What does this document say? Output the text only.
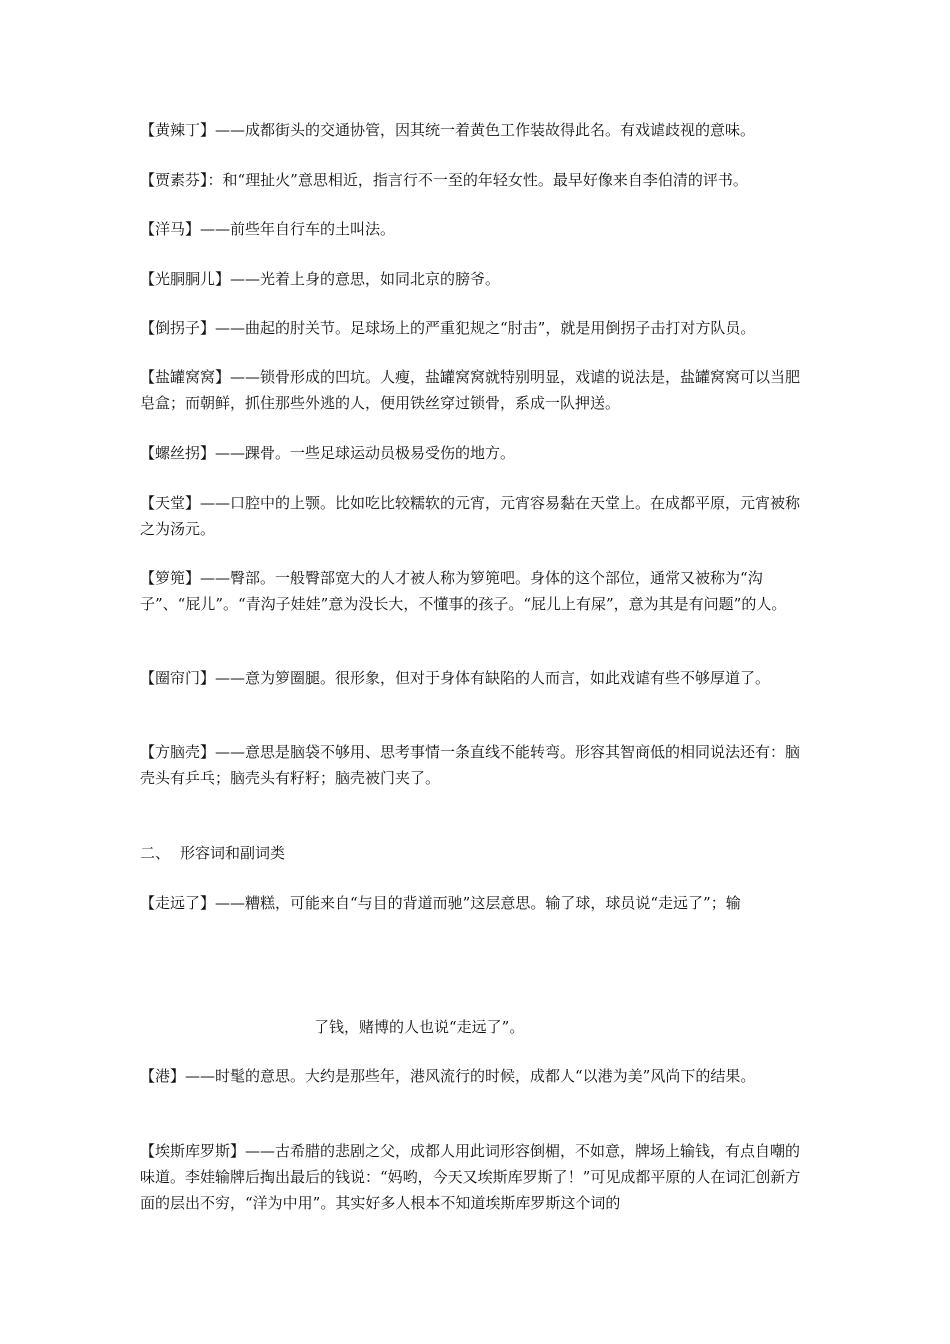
【黄辣丁】——成都街头的交通协管，因其统一着黄色工作装故得此名。有戏谑歧视的意味。

【贾素芬】：和“理扯火”意思相近，指言行不一至的年轻女性。最早好像来自李伯清的评书。

【洋马】——前些年自行车的土叫法。

【光胴胴儿】——光着上身的意思，如同北京的膀爷。

【倒拐子】——曲起的肘关节。足球场上的严重犯规之“肘击”，就是用倒拐子击打对方队员。

【盐罐窝窝】——锁骨形成的凹坑。人瘦，盐罐窝窝就特别明显，戏谑的说法是，盐罐窝窝可以当肥皂盒；而朝鲜，抓住那些外逃的人，便用铁丝穿过锁骨，系成一队押送。

【螺丝拐】——踝骨。一些足球运动员极易受伤的地方。

【天堂】——口腔中的上颚。比如吃比较糯软的元宵，元宵容易黏在天堂上。在成都平原，元宵被称之为汤元。

【箩篼】——臀部。一般臀部宽大的人才被人称为箩篼吧。身体的这个部位，通常又被称为“沟子”、“屁儿”。“青沟子娃娃”意为没长大，不懂事的孩子。“屁儿上有屎”，意为其是有问题”的人。

【圈帘门】——意为箩圈腿。很形象，但对于身体有缺陷的人而言，如此戏谑有些不够厚道了。

【方脑壳】——意思是脑袋不够用、思考事情一条直线不能转弯。形容其智商低的相同说法还有：脑壳头有乒乓；脑壳头有籽籽；脑壳被门夹了。

二、 形容词和副词类

【走远了】——糟糕，可能来自“与目的背道而驰”这层意思。输了球，球员说“走远了”；输

了钱，赌博的人也说“走远了”。

【港】——时髦的意思。大约是那些年，港风流行的时候，成都人“以港为美”风尚下的结果。

【埃斯库罗斯】——古希腊的悲剧之父，成都人用此词形容倒楣，不如意，牌场上输钱，有点自嘲的味道。李娃输牌后掏出最后的钱说：“妈哟，今天又埃斯库罗斯了！”可见成都平原的人在词汇创新方面的层出不穷，“洋为中用”。其实好多人根本不知道埃斯库罗斯这个词的
